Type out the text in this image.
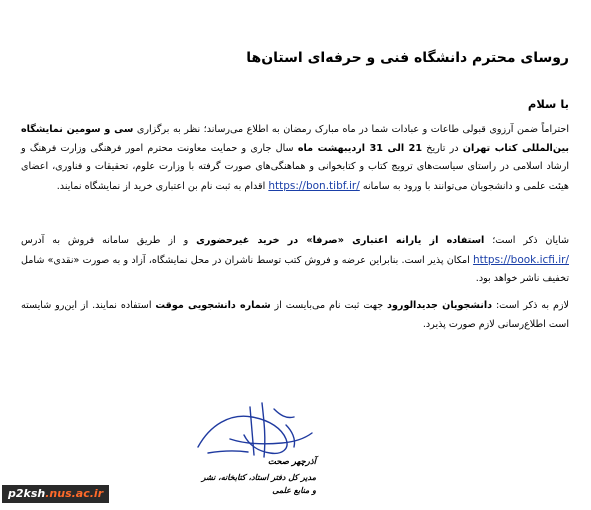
روسای محترم دانشگاه فنی و حرفه‌ای استان‌ها
با سلام
احتراماً ضمن آرزوی قبولی طاعات و عبادات شما در ماه مبارک رمضان به اطلاع می‌رساند؛ نظر به برگزاری سی و سومین نمایشگاه بین‌المللی کتاب تهران در تاریخ 21 الی 31 اردیبهشت ماه سال جاری و حمایت معاونت محترم امور فرهنگی وزارت فرهنگ و ارشاد اسلامی در راستای سیاست‌های ترویج کتاب و کتابخوانی و هماهنگی‌های صورت گرفته با وزارت علوم، تحقیقات و فناوری، اعضای هیئت علمی و دانشجویان می‌توانند با ورود به سامانه https://bon.tibf.ir/ اقدام به ثبت نام بن اعتباری خرید از نمایشگاه نمایند.
شایان ذکر است؛ استفاده از یارانه اعتباری «صرفا» در خرید غیرحضوری و از طریق سامانه فروش به آدرس https://book.icfi.ir/ امکان پذیر است. بنابراین عرضه و فروش کتب توسط ناشران در محل نمایشگاه، آزاد و به صورت «نقدی» شامل تخفیف ناشر خواهد بود.
لازم به ذکر است: دانشجویان جدیدالورود جهت ثبت نام می‌بایست از شماره دانشجویی موقت استفاده نمایند. از این‌رو شایسته است اطلاع‌رسانی لازم صورت پذیرد.
آذرچهر صحت
مدیر کل دفتر استاد، کتابخانه، نشر و منابع علمی
p2ksh.nus.ac.ir
